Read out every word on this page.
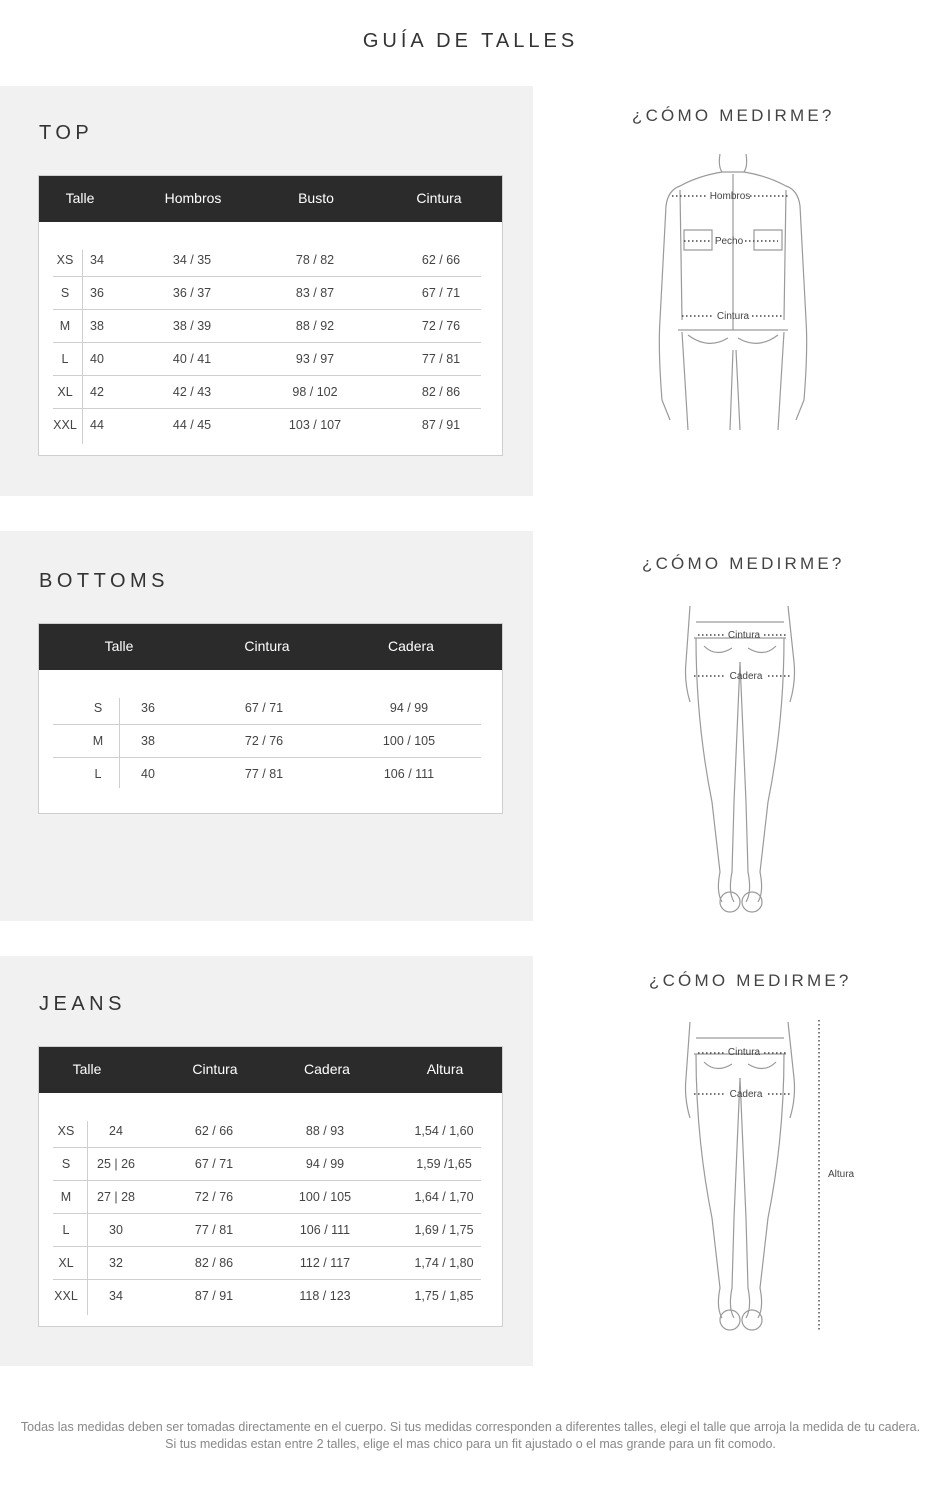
GUÍA DE TALLES
TOP
Talle	Hombros	Busto	Cintura
XS 34	34 / 35	78 / 82	62 / 66
S 36	36 / 37	83 / 87	67 / 71
M 38	38 / 39	88 / 92	72 / 76
L 40	40 / 41	93 / 97	77 / 81
XL 42	42 / 43	98 / 102	82 / 86
XXL 44	44 / 45	103 / 107	87 / 91
¿CÓMO MEDIRME?
Hombros
Pecho
Cintura
BOTTOMS
Talle	Cintura	Cadera
S	36	67 / 71	94 / 99
M	38	72 / 76	100 / 105
L	40	77 / 81	106 / 111
¿CÓMO MEDIRME?
Cintura
Cadera
JEANS
Talle	Cintura	Cadera	Altura
XS	24	62 / 66	88 / 93	1,54 / 1,60
S 25 | 26	67 / 71	94 / 99	1,59 /1,65
M 27 | 28	72 / 76	100 / 105	1,64 / 1,70
L	30	77 / 81	106 / 111	1,69 / 1,75
XL	32	82 / 86	112 / 117	1,74 / 1,80
XXL 34	87 / 91	118 / 123	1,75 / 1,85
¿CÓMO MEDIRME?
Cintura
Cadera
Altura
Todas las medidas deben ser tomadas directamente en el cuerpo. Si tus medidas corresponden a diferentes talles, elegi el talle que arroja la medida de tu cadera.
Si tus medidas estan entre 2 talles, elige el mas chico para un fit ajustado o el mas grande para un fit comodo.
